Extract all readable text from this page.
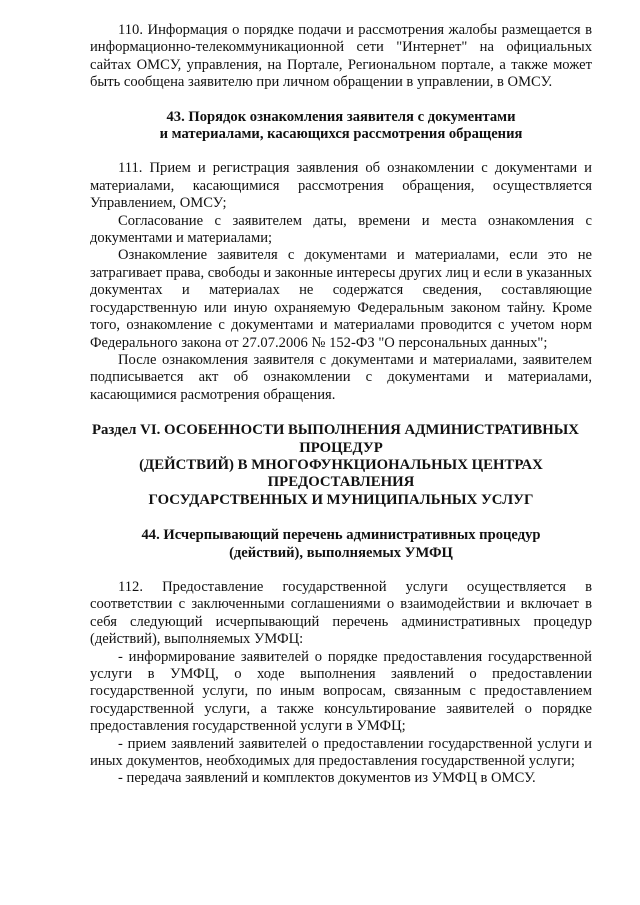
110. Информация о порядке подачи и рассмотрения жалобы размещается в информационно-телекоммуникационной сети "Интернет" на официальных сайтах ОМСУ, управления, на Портале, Региональном портале, а также может быть сообщена заявителю при личном обращении в управлении, в ОМСУ.

43. Порядок ознакомления заявителя с документами
и материалами, касающихся рассмотрения обращения

111. Прием и регистрация заявления об ознакомлении с документами и материалами, касающимися рассмотрения обращения, осуществляется Управлением, ОМСУ;

Согласование с заявителем даты, времени и места ознакомления с документами и материалами;

Ознакомление заявителя с документами и материалами, если это не затрагивает права, свободы и законные интересы других лиц и если в указанных документах и материалах не содержатся сведения, составляющие государственную или иную охраняемую Федеральным законом тайну. Кроме того, ознакомление с документами и материалами проводится с учетом норм Федерального закона от 27.07.2006 № 152-ФЗ "О персональных данных";

После ознакомления заявителя с документами и материалами, заявителем подписывается акт об ознакомлении с документами и материалами, касающимися расмотрения обращения.

Раздел VI. ОСОБЕННОСТИ ВЫПОЛНЕНИЯ АДМИНИСТРАТИВНЫХ
ПРОЦЕДУР
(ДЕЙСТВИЙ) В МНОГОФУНКЦИОНАЛЬНЫХ ЦЕНТРАХ
ПРЕДОСТАВЛЕНИЯ
ГОСУДАРСТВЕННЫХ И МУНИЦИПАЛЬНЫХ УСЛУГ
44. Исчерпывающий перечень административных процедур
(действий), выполняемых УМФЦ

112. Предоставление государственной услуги осуществляется в соответствии с заключенными соглашениями о взаимодействии и включает в себя следующий исчерпывающий перечень административных процедур (действий), выполняемых УМФЦ:

- информирование заявителей о порядке предоставления государственной услуги в УМФЦ, о ходе выполнения заявлений о предоставлении государственной услуги, по иным вопросам, связанным с предоставлением государственной услуги, а также консультирование заявителей о порядке предоставления государственной услуги в УМФЦ;

- прием заявлений заявителей о предоставлении государственной услуги и иных документов, необходимых для предоставления государственной услуги;

- передача заявлений и комплектов документов из УМФЦ в ОМСУ.
